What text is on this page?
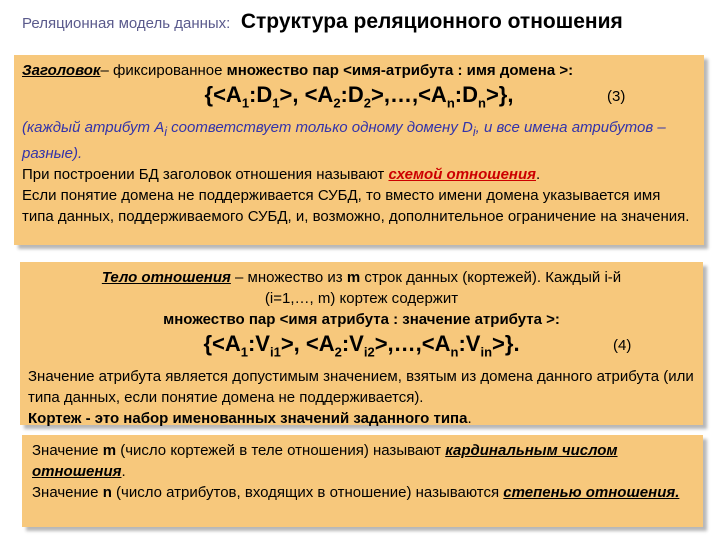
Реляционная модель данных: Структура реляционного отношения
Заголовок– фиксированное множество пар <имя-атрибута : имя домена >:
{$<A_1:D_1>$, $<A_2:D_2>,\dots,<A_n:D_n>$},	(3)
(каждый атрибут $A_i$ соответствует только одному домену $D_i$, и все имена атрибутов – разные).
При построении БД заголовок отношения называют схемой отношения.
Если понятие домена не поддерживается СУБД, то вместо имени домена указывается имя типа данных, поддерживаемого СУБД, и, возможно, дополнительное ограничение на значения.
Тело отношения – множество из m строк данных (кортежей). Каждый i-й
(i=1,…, m) кортеж содержит
множество пар <имя атрибута : значение атрибута >:
{$<A_1:V_{i1}>$, $<A_2:V_{i2}>,\dots,<A_n:V_{in}>$}.	(4)
Значение атрибута является допустимым значением, взятым из домена данного атрибута (или типа данных, если понятие домена не поддерживается).
Кортеж - это набор именованных значений заданного типа.
Значение m (число кортежей в теле отношения) называют кардинальным числом отношения.
Значение n (число атрибутов, входящих в отношение) называются степенью отношения.
